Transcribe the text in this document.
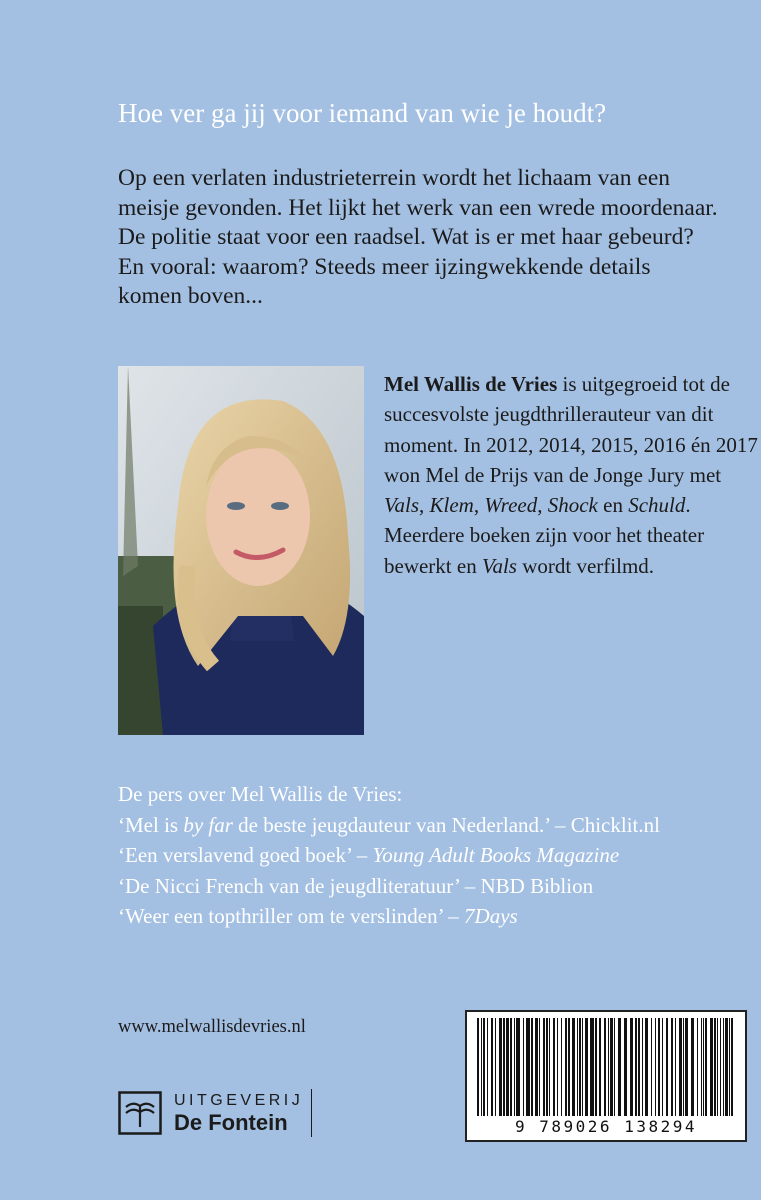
Hoe ver ga jij voor iemand van wie je houdt?

Op een verlaten industrieterrein wordt het lichaam van een meisje gevonden. Het lijkt het werk van een wrede moordenaar. De politie staat voor een raadsel. Wat is er met haar gebeurd? En vooral: waarom? Steeds meer ijzingwekkende details komen boven...

Mel Wallis de Vries is uitgegroeid tot de succesvolste jeugdthrillerauteur van dit moment. In 2012, 2014, 2015, 2016 én 2017 won Mel de Prijs van de Jonge Jury met Vals, Klem, Wreed, Shock en Schuld. Meerdere boeken zijn voor het theater bewerkt en Vals wordt verfilmd.

De pers over Mel Wallis de Vries:
‘Mel is by far de beste jeugdauteur van Nederland.’ – Chicklit.nl
‘Een verslavend goed boek’ – Young Adult Books Magazine
‘De Nicci French van de jeugdliteratuur’ – NBD Biblion
‘Weer een topthriller om te verslinden’ – 7Days
www.melwallisdevries.nl
UITGEVERIJ
De Fontein	9 789026 138294
